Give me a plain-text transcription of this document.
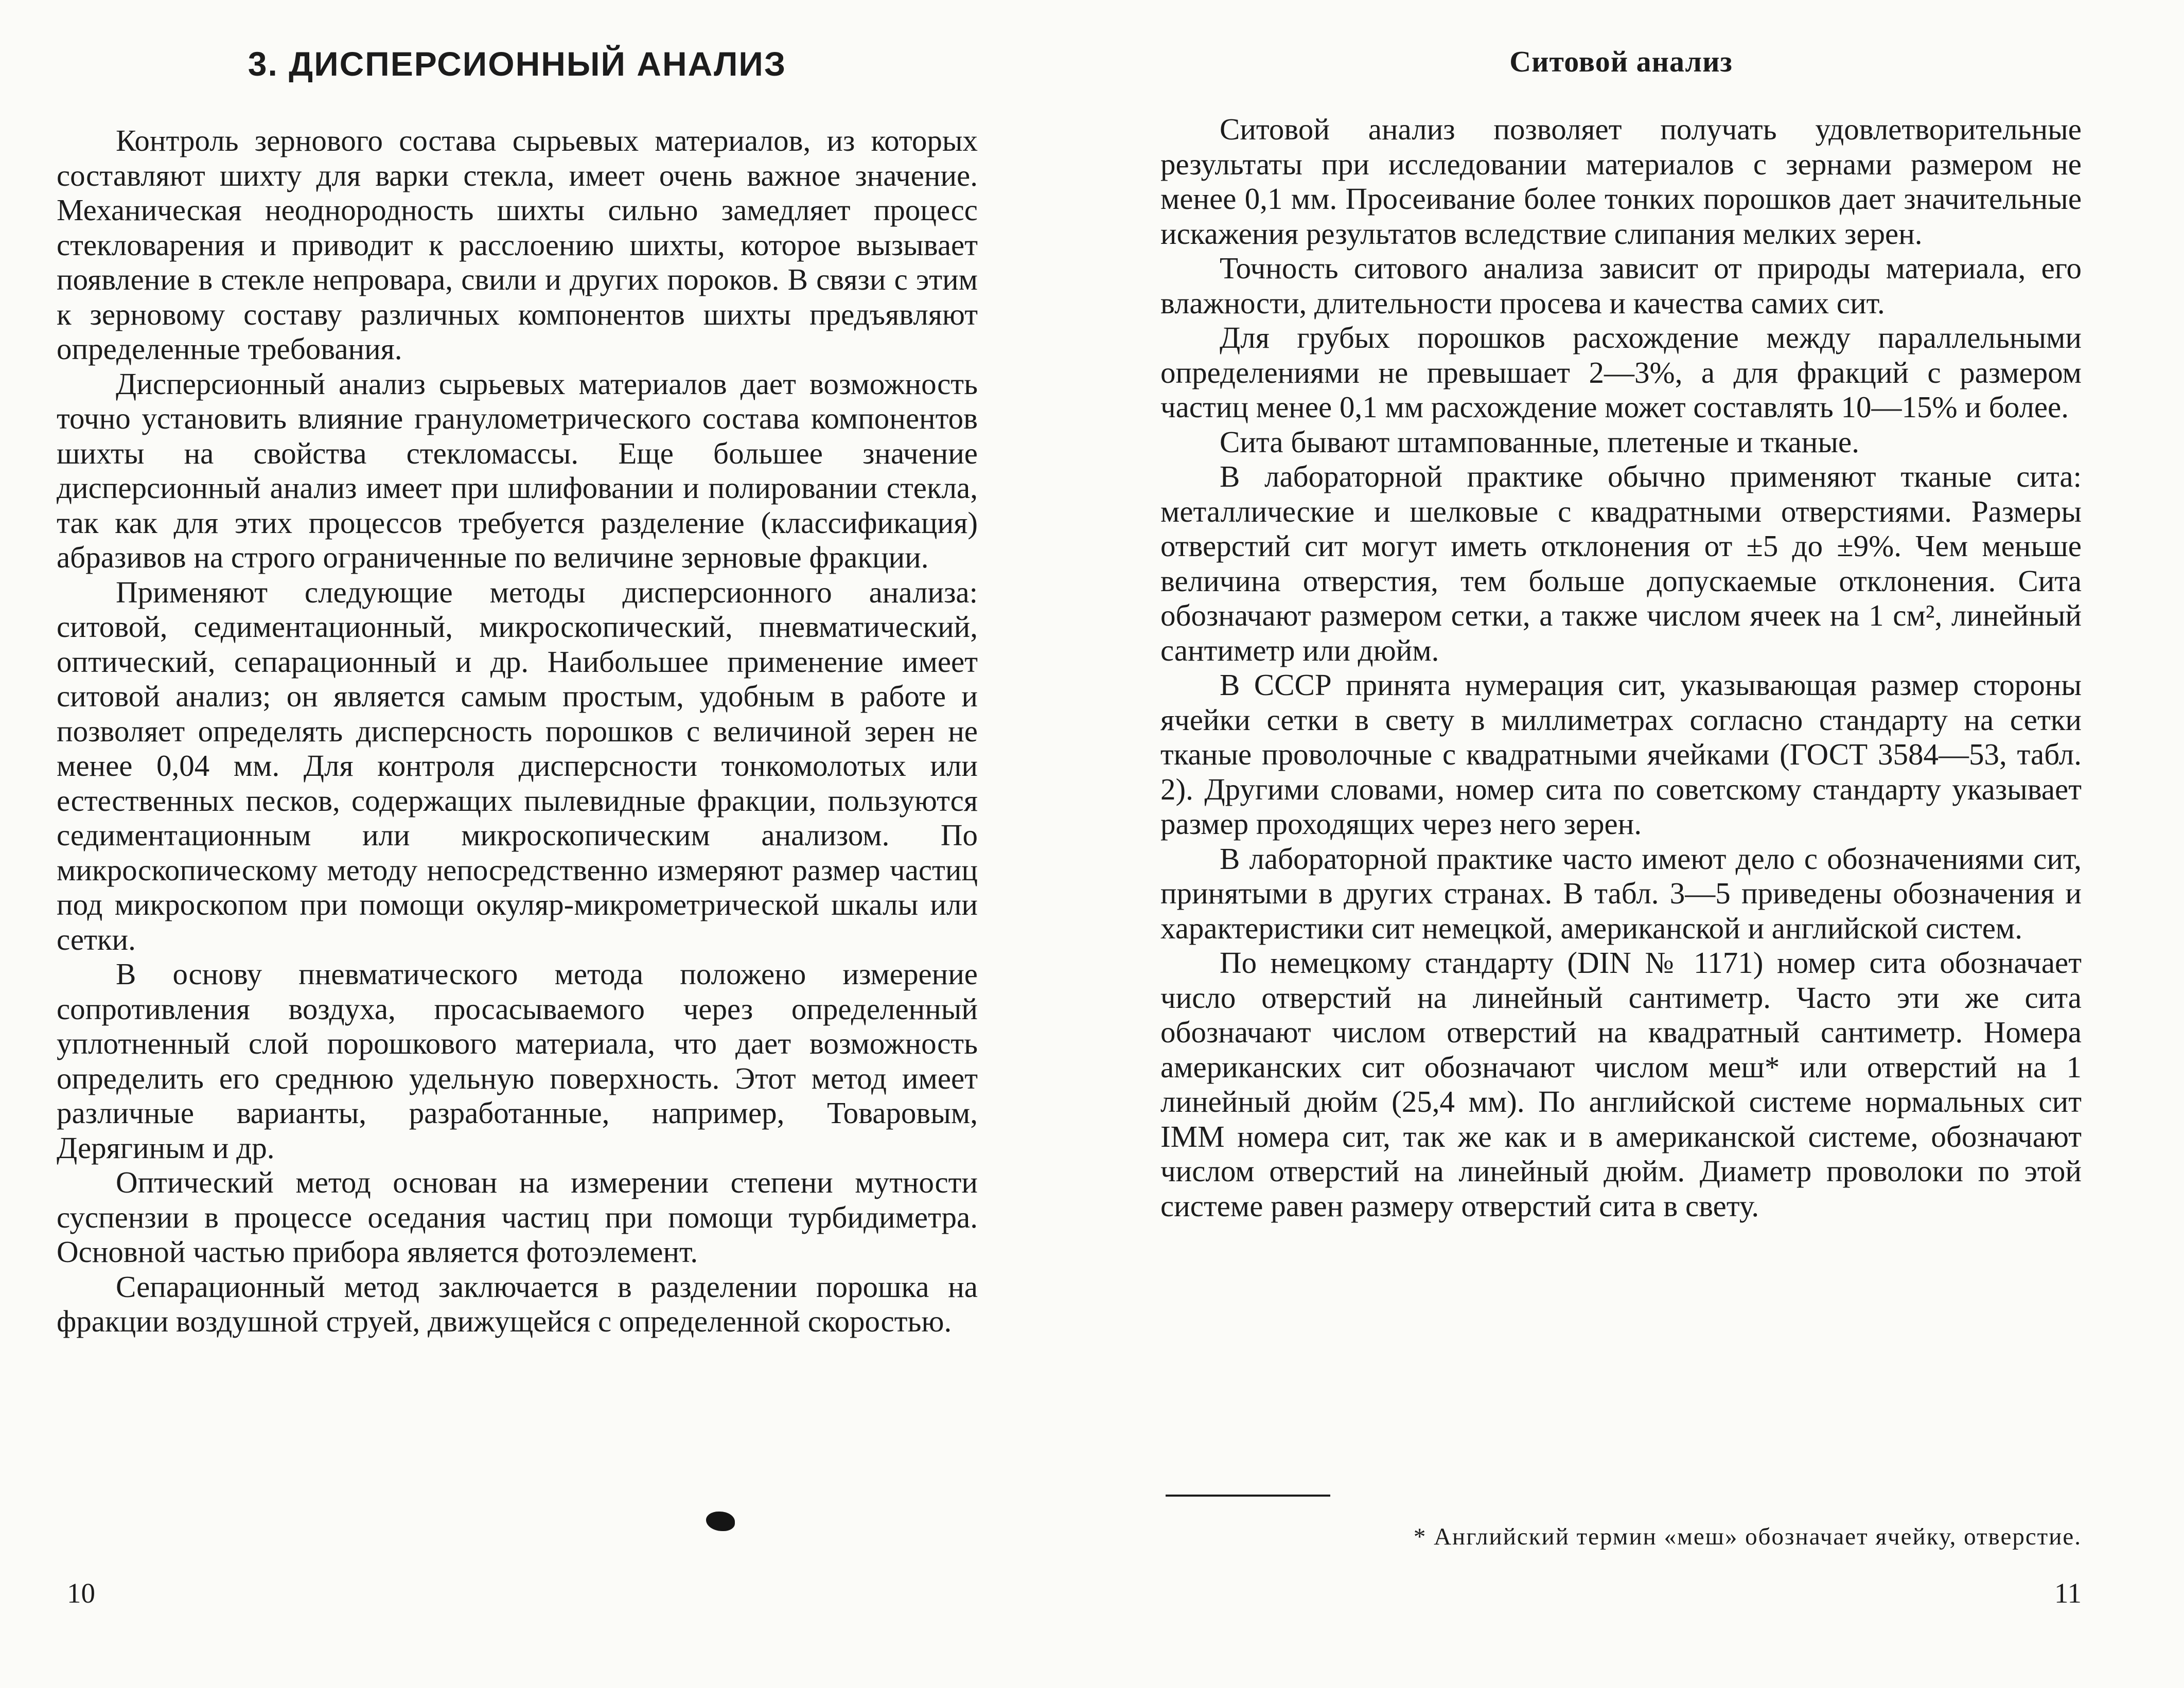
3. ДИСПЕРСИОННЫЙ АНАЛИЗ

Контроль зернового состава сырьевых материалов, из которых составляют шихту для варки стекла, имеет очень важное значение. Механическая неоднородность шихты сильно замедляет процесс стекловарения и приводит к расслоению шихты, которое вызывает появление в стекле непровара, свили и других пороков. В связи с этим к зерновому составу различных компонентов шихты предъявляют определенные требования.

Дисперсионный анализ сырьевых материалов дает возможность точно установить влияние гранулометрического состава компонентов шихты на свойства стекломассы. Еще большее значение дисперсионный анализ имеет при шлифовании и полировании стекла, так как для этих процессов требуется разделение (классификация) абразивов на строго ограниченные по величине зерновые фракции.

Применяют следующие методы дисперсионного анализа: ситовой, седиментационный, микроскопический, пневматический, оптический, сепарационный и др. Наибольшее применение имеет ситовой анализ; он является самым простым, удобным в работе и позволяет определять дисперсность порошков с величиной зерен не менее 0,04 мм. Для контроля дисперсности тонкомолотых или естественных песков, содержащих пылевидные фракции, пользуются седиментационным или микроскопическим анализом. По микроскопическому методу непосредственно измеряют размер частиц под микроскопом при помощи окуляр-микрометрической шкалы или сетки.

В основу пневматического метода положено измерение сопротивления воздуха, просасываемого через определенный уплотненный слой порошкового материала, что дает возможность определить его среднюю удельную поверхность. Этот метод имеет различные варианты, разработанные, например, Товаровым, Дерягиным и др.

Оптический метод основан на измерении степени мутности суспензии в процессе оседания частиц при помощи турбидиметра. Основной частью прибора является фотоэлемент.

Сепарационный метод заключается в разделении порошка на фракции воздушной струей, движущейся с определенной скоростью.

10

Ситовой анализ

Ситовой анализ позволяет получать удовлетворительные результаты при исследовании материалов с зернами размером не менее 0,1 мм. Просеивание более тонких порошков дает значительные искажения результатов вследствие слипания мелких зерен.

Точность ситового анализа зависит от природы материала, его влажности, длительности просева и качества самих сит.

Для грубых порошков расхождение между параллельными определениями не превышает 2—3%, а для фракций с размером частиц менее 0,1 мм расхождение может составлять 10—15% и более.

Сита бывают штампованные, плетеные и тканые.

В лабораторной практике обычно применяют тканые сита: металлические и шелковые с квадратными отверстиями. Размеры отверстий сит могут иметь отклонения от ±5 до ±9%. Чем меньше величина отверстия, тем больше допускаемые отклонения. Сита обозначают размером сетки, а также числом ячеек на 1 см², линейный сантиметр или дюйм.

В СССР принята нумерация сит, указывающая размер стороны ячейки сетки в свету в миллиметрах согласно стандарту на сетки тканые проволочные с квадратными ячейками (ГОСТ 3584—53, табл. 2). Другими словами, номер сита по советскому стандарту указывает размер проходящих через него зерен.

В лабораторной практике часто имеют дело с обозначениями сит, принятыми в других странах. В табл. 3—5 приведены обозначения и характеристики сит немецкой, американской и английской систем.

По немецкому стандарту (DIN № 1171) номер сита обозначает число отверстий на линейный сантиметр. Часто эти же сита обозначают числом отверстий на квадратный сантиметр. Номера американских сит обозначают числом меш* или отверстий на 1 линейный дюйм (25,4 мм). По английской системе нормальных сит IMM номера сит, так же как и в американской системе, обозначают числом отверстий на линейный дюйм. Диаметр проволоки по этой системе равен размеру отверстий сита в свету.

* Английский термин «меш» обозначает ячейку, отверстие.

11
